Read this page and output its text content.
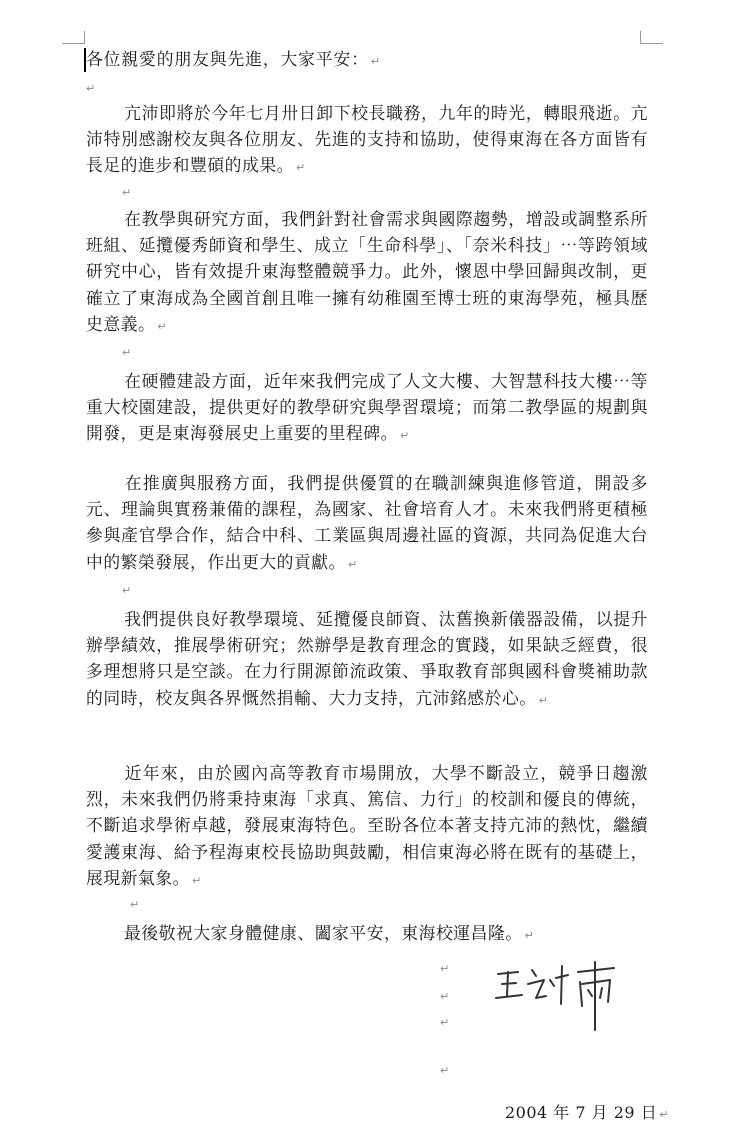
各位親愛的朋友與先進，大家平安： ↵
↵
亢沛即將於今年七月卅日卸下校長職務，九年的時光，轉眼飛逝。亢沛特別感謝校友與各位朋友、先進的支持和協助，使得東海在各方面皆有長足的進步和豐碩的成果。 ↵
↵
在教學與研究方面，我們針對社會需求與國際趨勢，增設或調整系所班組、延攬優秀師資和學生、成立「生命科學」、「奈米科技」⋯等跨領域研究中心，皆有效提升東海整體競爭力。此外，懷恩中學回歸與改制，更確立了東海成為全國首創且唯一擁有幼稚園至博士班的東海學苑，極具歷史意義。 ↵
↵
在硬體建設方面，近年來我們完成了人文大樓、大智慧科技大樓⋯等重大校園建設，提供更好的教學研究與學習環境；而第二教學區的規劃與開發，更是東海發展史上重要的里程碑。 ↵
在推廣與服務方面，我們提供優質的在職訓練與進修管道，開設多元、理論與實務兼備的課程，為國家、社會培育人才。未來我們將更積極參與產官學合作，結合中科、工業區與周邊社區的資源，共同為促進大台中的繁榮發展，作出更大的貢獻。 ↵
↵
我們提供良好教學環境、延攬優良師資、汰舊換新儀器設備，以提升辦學績效，推展學術研究；然辦學是教育理念的實踐，如果缺乏經費，很多理想將只是空談。在力行開源節流政策、爭取教育部與國科會獎補助款的同時，校友與各界慨然捐輸、大力支持，亢沛銘感於心。 ↵
近年來，由於國內高等教育市場開放，大學不斷設立，競爭日趨激烈，未來我們仍將秉持東海「求真、篤信、力行」的校訓和優良的傳統，不斷追求學術卓越，發展東海特色。至盼各位本著支持亢沛的熱忱，繼續愛護東海、給予程海東校長協助與鼓勵，相信東海必將在既有的基礎上，展現新氣象。 ↵
↵
最後敬祝大家身體健康、闔家平安，東海校運昌隆。 ↵
↵
↵
↵
↵
2004 年 7 月 29 日 ↵
